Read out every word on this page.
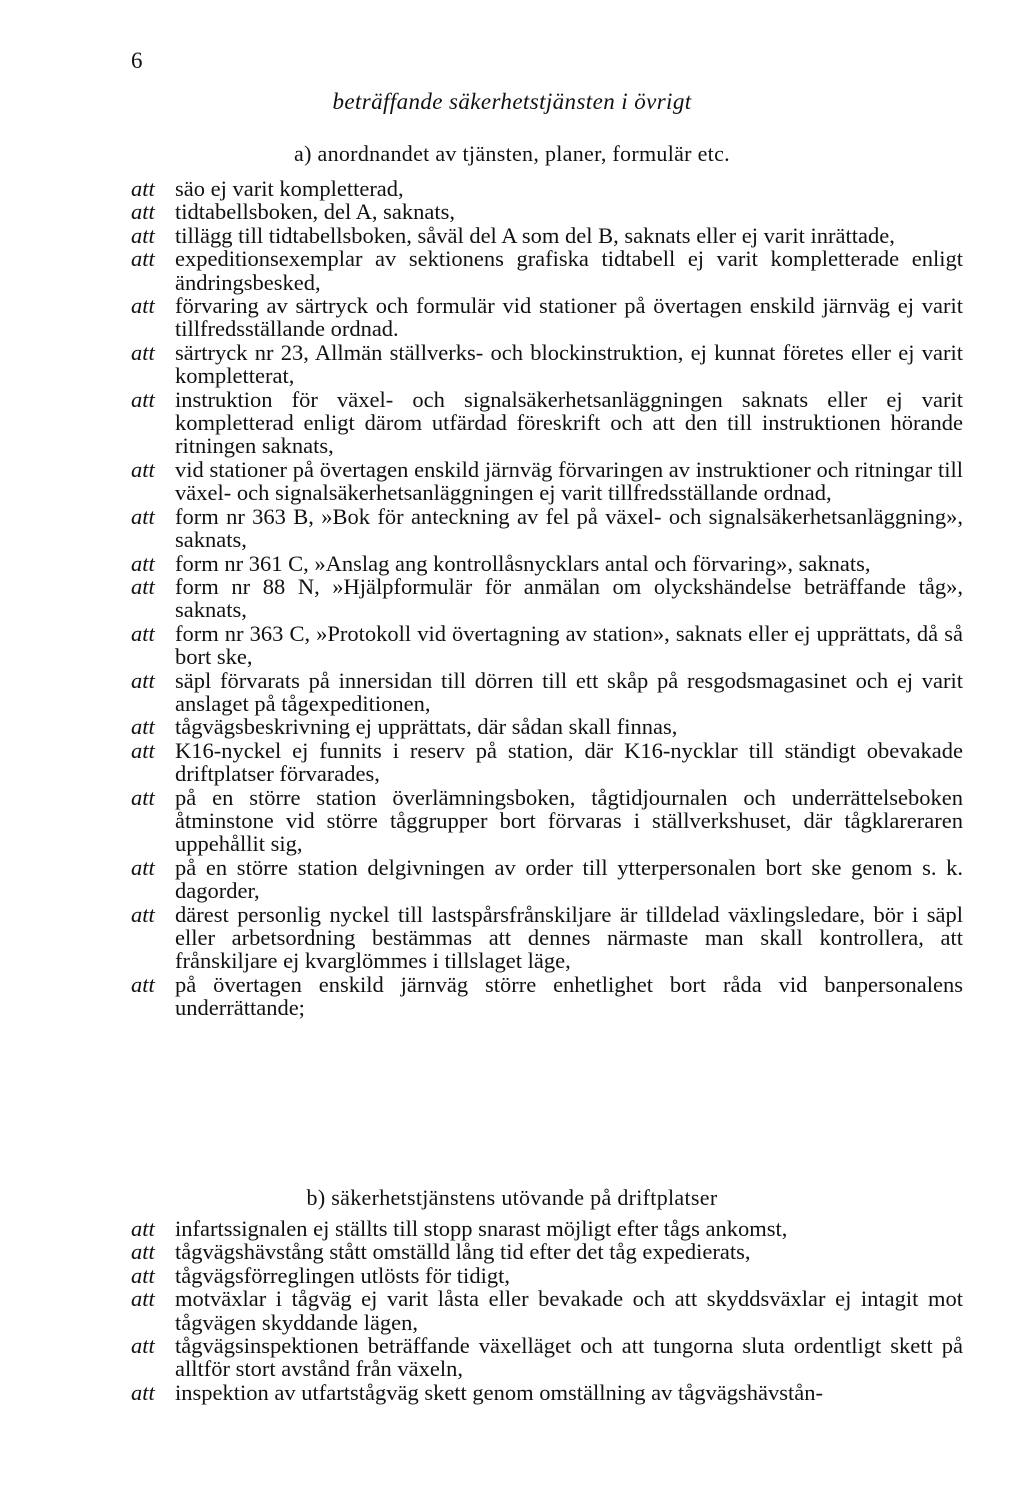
6
beträffande säkerhetstjänsten i övrigt
a) anordnandet av tjänsten, planer, formulär etc.
att säo ej varit kompletterad,
att tidtabellsboken, del A, saknats,
att tillägg till tidtabellsboken, såväl del A som del B, saknats eller ej varit inrättade,
att expeditionsexemplar av sektionens grafiska tidtabell ej varit kompletterade enligt ändringsbesked,
att förvaring av särtryck och formulär vid stationer på övertagen enskild järnväg ej varit tillfredsställande ordnad.
att särtryck nr 23, Allmän ställverks- och blockinstruktion, ej kunnat företes eller ej varit kompletterat,
att instruktion för växel- och signalsäkerhetsanläggningen saknats eller ej varit kompletterad enligt därom utfärdad föreskrift och att den till instruktionen hörande ritningen saknats,
att vid stationer på övertagen enskild järnväg förvaringen av instruktioner och ritningar till växel- och signalsäkerhetsanläggningen ej varit tillfredsställande ordnad,
att form nr 363 B, »Bok för anteckning av fel på växel- och signalsäkerhetsanläggning», saknats,
att form nr 361 C, »Anslag ang kontrollåsnycklars antal och förvaring», saknats,
att form nr 88 N, »Hjälpformulär för anmälan om olyckshändelse beträffande tåg», saknats,
att form nr 363 C, »Protokoll vid övertagning av station», saknats eller ej upprättats, då så bort ske,
att säpl förvarats på innersidan till dörren till ett skåp på resgodsmagasinet och ej varit anslaget på tågexpeditionen,
att tågvägsbeskrivning ej upprättats, där sådan skall finnas,
att K16-nyckel ej funnits i reserv på station, där K16-nycklar till ständigt obevakade driftplatser förvarades,
att på en större station överlämningsboken, tågtidjournalen och underrättelseboken åtminstone vid större tåggrupper bort förvaras i ställverkshuset, där tågklareraren uppehållit sig,
att på en större station delgivningen av order till ytterpersonalen bort ske genom s. k. dagorder,
att därest personlig nyckel till lastspårsfrånskiljare är tilldelad växlingsledare, bör i säpl eller arbetsordning bestämmas att dennes närmaste man skall kontrollera, att frånskiljare ej kvarglömmes i tillslaget läge,
att på övertagen enskild järnväg större enhetlighet bort råda vid banpersonalens underrättande;
b) säkerhetstjänstens utövande på driftplatser
att infartssignalen ej ställts till stopp snarast möjligt efter tågs ankomst,
att tågvägshävstång stått omställd lång tid efter det tåg expedierats,
att tågvägsförreglingen utlösts för tidigt,
att motväxlar i tågväg ej varit låsta eller bevakade och att skyddsväxlar ej intagit mot tågvägen skyddande lägen,
att tågvägsinspektionen beträffande växelläget och att tungorna sluta ordentligt skett på alltför stort avstånd från växeln,
att inspektion av utfartstågväg skett genom omställning av tågvägshävstån-
